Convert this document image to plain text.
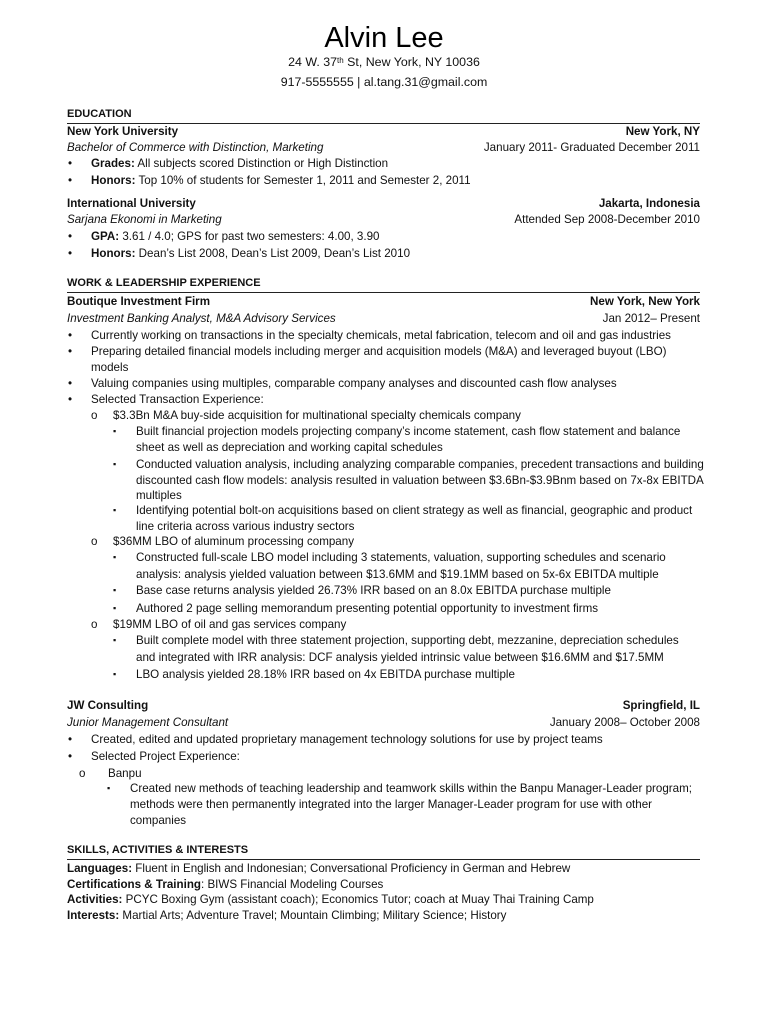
Alvin Lee
24 W. 37th St, New York, NY 10036
917-5555555 | al.tang.31@gmail.com
EDUCATION
New York University	New York, NY
Bachelor of Commerce with Distinction, Marketing	January 2011- Graduated December 2011
• Grades: All subjects scored Distinction or High Distinction
• Honors: Top 10% of students for Semester 1, 2011 and Semester 2, 2011
International University	Jakarta, Indonesia
Sarjana Ekonomi in Marketing	Attended Sep 2008-December 2010
• GPA: 3.61 / 4.0; GPS for past two semesters: 4.00, 3.90
• Honors: Dean’s List 2008, Dean’s List 2009, Dean’s List 2010
WORK & LEADERSHIP EXPERIENCE
Boutique Investment Firm	New York, New York
Investment Banking Analyst, M&A Advisory Services	Jan 2012– Present
• Currently working on transactions in the specialty chemicals, metal fabrication, telecom and oil and gas industries
• Preparing detailed financial models including merger and acquisition models (M&A) and leveraged buyout (LBO)
models
• Valuing companies using multiples, comparable company analyses and discounted cash flow analyses
• Selected Transaction Experience:
o $3.3Bn M&A buy-side acquisition for multinational specialty chemicals company
▪ Built financial projection models projecting company’s income statement, cash flow statement and balance
sheet as well as depreciation and working capital schedules
▪ Conducted valuation analysis, including analyzing comparable companies, precedent transactions and building
discounted cash flow models: analysis resulted in valuation between $3.6Bn-$3.9Bnm based on 7x-8x EBITDA
multiples
▪ Identifying potential bolt-on acquisitions based on client strategy as well as financial, geographic and product
line criteria across various industry sectors
o $36MM LBO of aluminum processing company
▪ Constructed full-scale LBO model including 3 statements, valuation, supporting schedules and scenario
analysis: analysis yielded valuation between $13.6MM and $19.1MM based on 5x-6x EBITDA multiple
▪ Base case returns analysis yielded 26.73% IRR based on an 8.0x EBITDA purchase multiple
▪ Authored 2 page selling memorandum presenting potential opportunity to investment firms
o $19MM LBO of oil and gas services company
▪ Built complete model with three statement projection, supporting debt, mezzanine, depreciation schedules
and integrated with IRR analysis: DCF analysis yielded intrinsic value between $16.6MM and $17.5MM
▪ LBO analysis yielded 28.18% IRR based on 4x EBITDA purchase multiple
JW Consulting	Springfield, IL
Junior Management Consultant	January 2008– October 2008
• Created, edited and updated proprietary management technology solutions for use by project teams
• Selected Project Experience:
o Banpu
▪ Created new methods of teaching leadership and teamwork skills within the Banpu Manager-Leader program;
methods were then permanently integrated into the larger Manager-Leader program for use with other
companies
SKILLS, ACTIVITIES & INTERESTS
Languages: Fluent in English and Indonesian; Conversational Proficiency in German and Hebrew
Certifications & Training: BIWS Financial Modeling Courses
Activities: PCYC Boxing Gym (assistant coach); Economics Tutor; coach at Muay Thai Training Camp
Interests: Martial Arts; Adventure Travel; Mountain Climbing; Military Science; History
